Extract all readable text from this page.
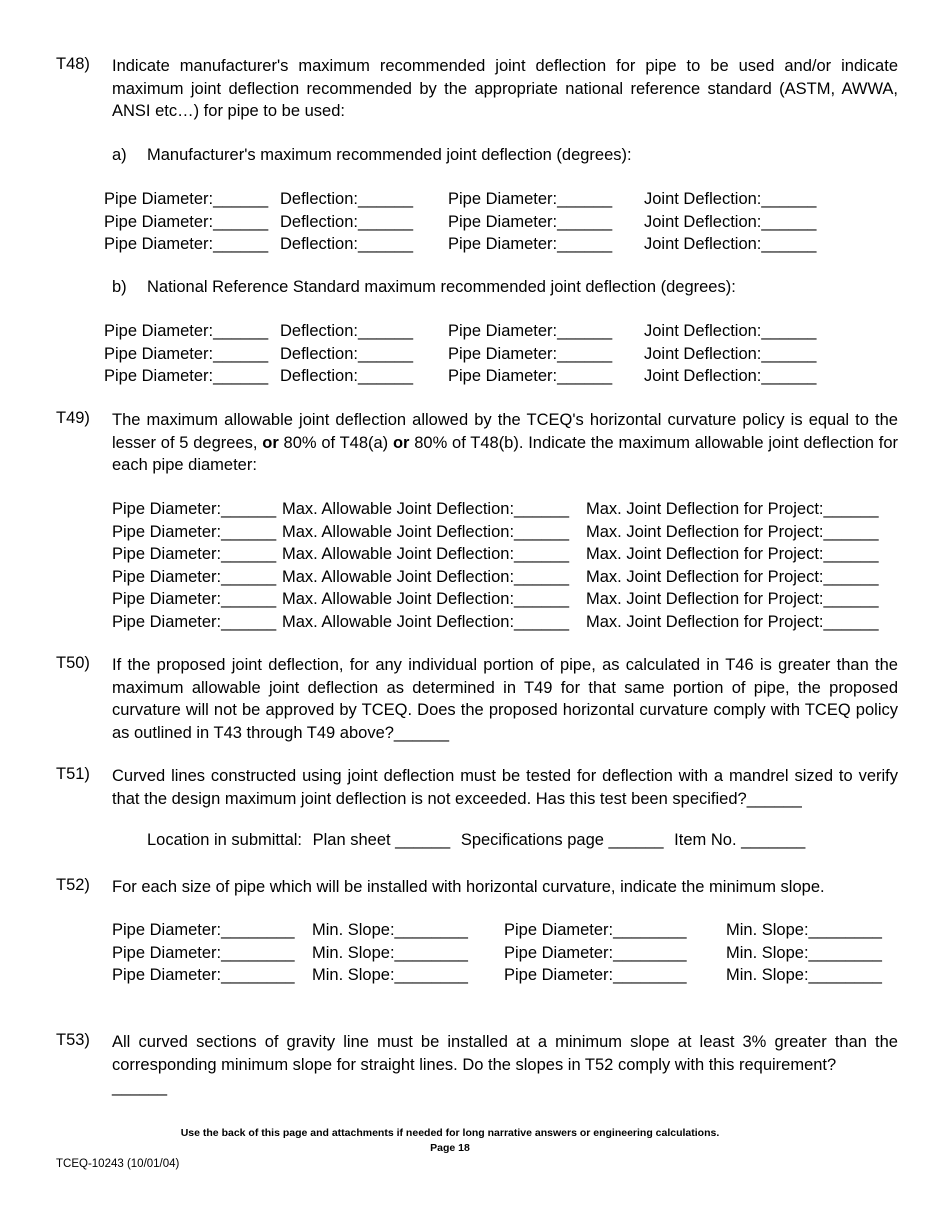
T48) Indicate manufacturer's maximum recommended joint deflection for pipe to be used and/or indicate maximum joint deflection recommended by the appropriate national reference standard (ASTM, AWWA, ANSI etc…) for pipe to be used:
a) Manufacturer's maximum recommended joint deflection (degrees):
Pipe Diameter:______ Deflection:______ Pipe Diameter:______ Joint Deflection:______
Pipe Diameter:______ Deflection:______ Pipe Diameter:______ Joint Deflection:______
Pipe Diameter:______ Deflection:______ Pipe Diameter:______ Joint Deflection:______
b) National Reference Standard maximum recommended joint deflection (degrees):
Pipe Diameter:______ Deflection:______ Pipe Diameter:______ Joint Deflection:______
Pipe Diameter:______ Deflection:______ Pipe Diameter:______ Joint Deflection:______
Pipe Diameter:______ Deflection:______ Pipe Diameter:______ Joint Deflection:______
T49) The maximum allowable joint deflection allowed by the TCEQ's horizontal curvature policy is equal to the lesser of 5 degrees, or 80% of T48(a) or 80% of T48(b). Indicate the maximum allowable joint deflection for each pipe diameter:
Pipe Diameter:______ Max. Allowable Joint Deflection:______ Max. Joint Deflection for Project:______
Pipe Diameter:______ Max. Allowable Joint Deflection:______ Max. Joint Deflection for Project:______
Pipe Diameter:______ Max. Allowable Joint Deflection:______ Max. Joint Deflection for Project:______
Pipe Diameter:______ Max. Allowable Joint Deflection:______ Max. Joint Deflection for Project:______
Pipe Diameter:______ Max. Allowable Joint Deflection:______ Max. Joint Deflection for Project:______
Pipe Diameter:______ Max. Allowable Joint Deflection:______ Max. Joint Deflection for Project:______
T50) If the proposed joint deflection, for any individual portion of pipe, as calculated in T46 is greater than the maximum allowable joint deflection as determined in T49 for that same portion of pipe, the proposed curvature will not be approved by TCEQ. Does the proposed horizontal curvature comply with TCEQ policy as outlined in T43 through T49 above?______
T51) Curved lines constructed using joint deflection must be tested for deflection with a mandrel sized to verify that the design maximum joint deflection is not exceeded. Has this test been specified?______
Location in submittal: Plan sheet ______ Specifications page ______ Item No. _______
T52) For each size of pipe which will be installed with horizontal curvature, indicate the minimum slope.
Pipe Diameter:________ Min. Slope:________ Pipe Diameter:________ Min. Slope:________
Pipe Diameter:________ Min. Slope:________ Pipe Diameter:________ Min. Slope:________
Pipe Diameter:________ Min. Slope:________ Pipe Diameter:________ Min. Slope:________
T53) All curved sections of gravity line must be installed at a minimum slope at least 3% greater than the corresponding minimum slope for straight lines. Do the slopes in T52 comply with this requirement?
______
Use the back of this page and attachments if needed for long narrative answers or engineering calculations.
Page 18
TCEQ-10243 (10/01/04)
